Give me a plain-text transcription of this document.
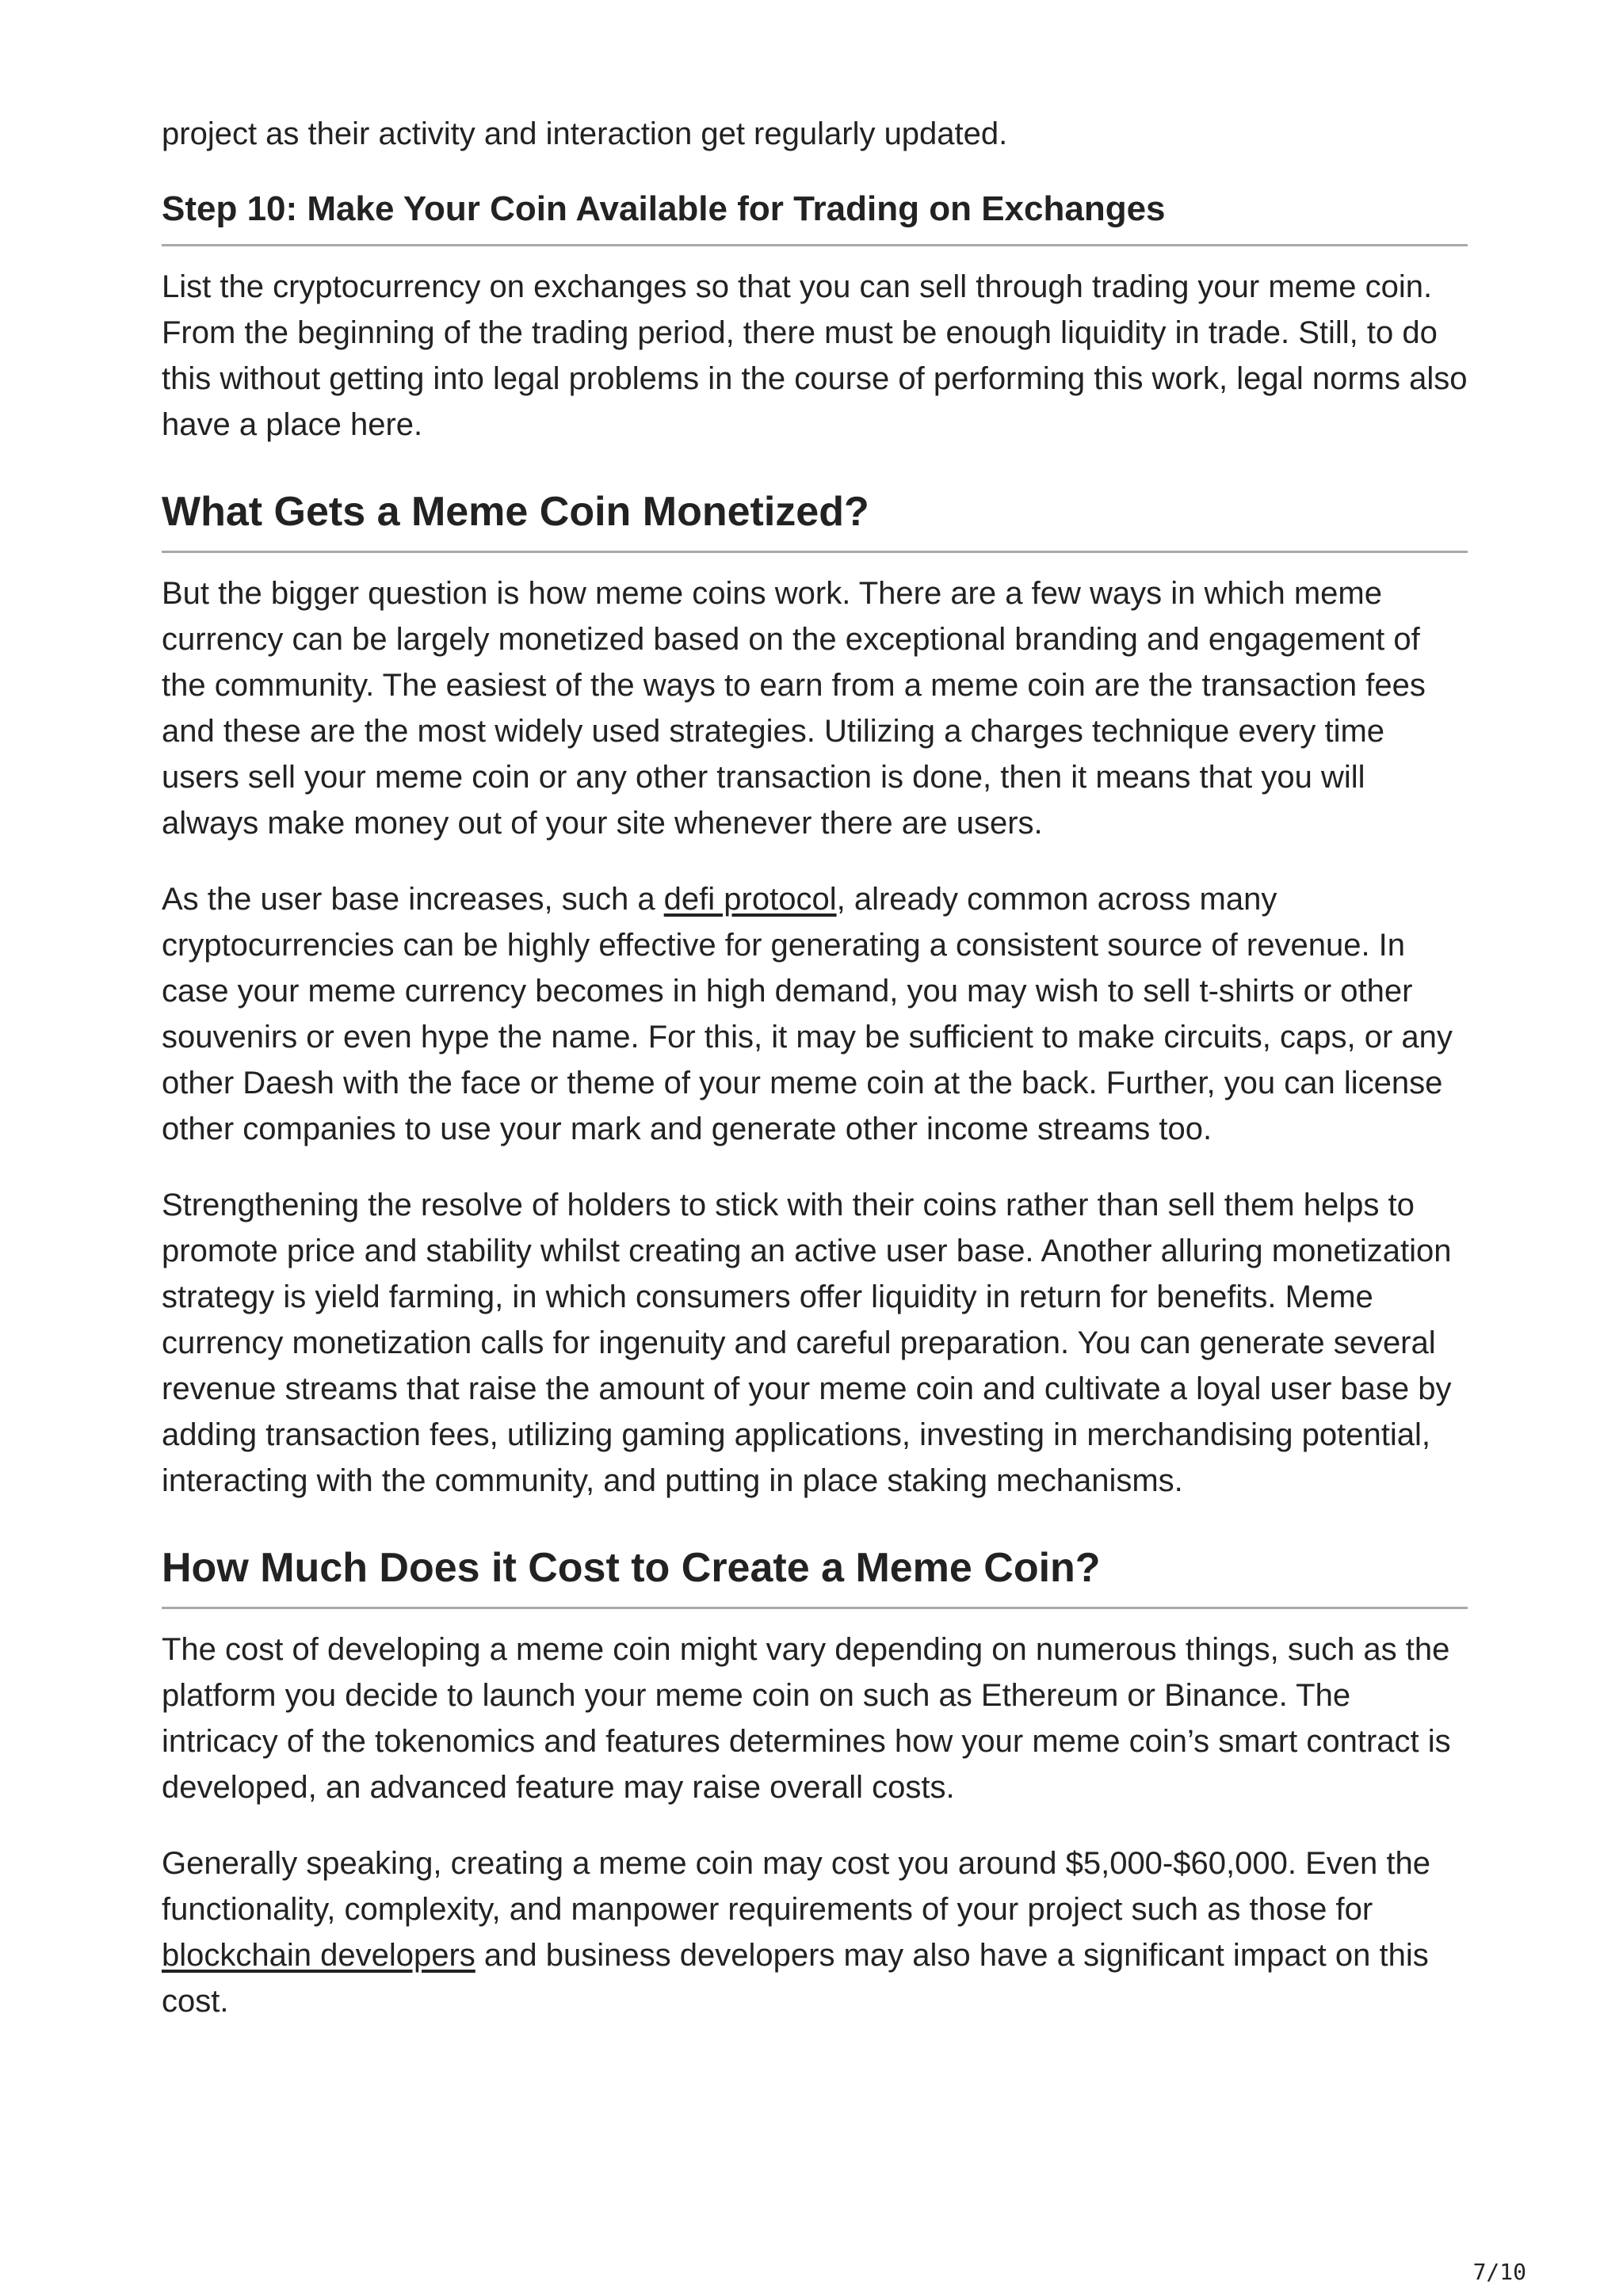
project as their activity and interaction get regularly updated.

Step 10: Make Your Coin Available for Trading on Exchanges

List the cryptocurrency on exchanges so that you can sell through trading your meme coin. From the beginning of the trading period, there must be enough liquidity in trade. Still, to do this without getting into legal problems in the course of performing this work, legal norms also have a place here.

What Gets a Meme Coin Monetized?

But the bigger question is how meme coins work. There are a few ways in which meme currency can be largely monetized based on the exceptional branding and engagement of the community. The easiest of the ways to earn from a meme coin are the transaction fees and these are the most widely used strategies. Utilizing a charges technique every time users sell your meme coin or any other transaction is done, then it means that you will always make money out of your site whenever there are users.

As the user base increases, such a defi protocol, already common across many cryptocurrencies can be highly effective for generating a consistent source of revenue. In case your meme currency becomes in high demand, you may wish to sell t-shirts or other souvenirs or even hype the name. For this, it may be sufficient to make circuits, caps, or any other Daesh with the face or theme of your meme coin at the back. Further, you can license other companies to use your mark and generate other income streams too.

Strengthening the resolve of holders to stick with their coins rather than sell them helps to promote price and stability whilst creating an active user base. Another alluring monetization strategy is yield farming, in which consumers offer liquidity in return for benefits. Meme currency monetization calls for ingenuity and careful preparation. You can generate several revenue streams that raise the amount of your meme coin and cultivate a loyal user base by adding transaction fees, utilizing gaming applications, investing in merchandising potential, interacting with the community, and putting in place staking mechanisms.

How Much Does it Cost to Create a Meme Coin?

The cost of developing a meme coin might vary depending on numerous things, such as the platform you decide to launch your meme coin on such as Ethereum or Binance. The intricacy of the tokenomics and features determines how your meme coin’s smart contract is developed, an advanced feature may raise overall costs.

Generally speaking, creating a meme coin may cost you around $5,000-$60,000. Even the functionality, complexity, and manpower requirements of your project such as those for blockchain developers and business developers may also have a significant impact on this cost.

7/10
